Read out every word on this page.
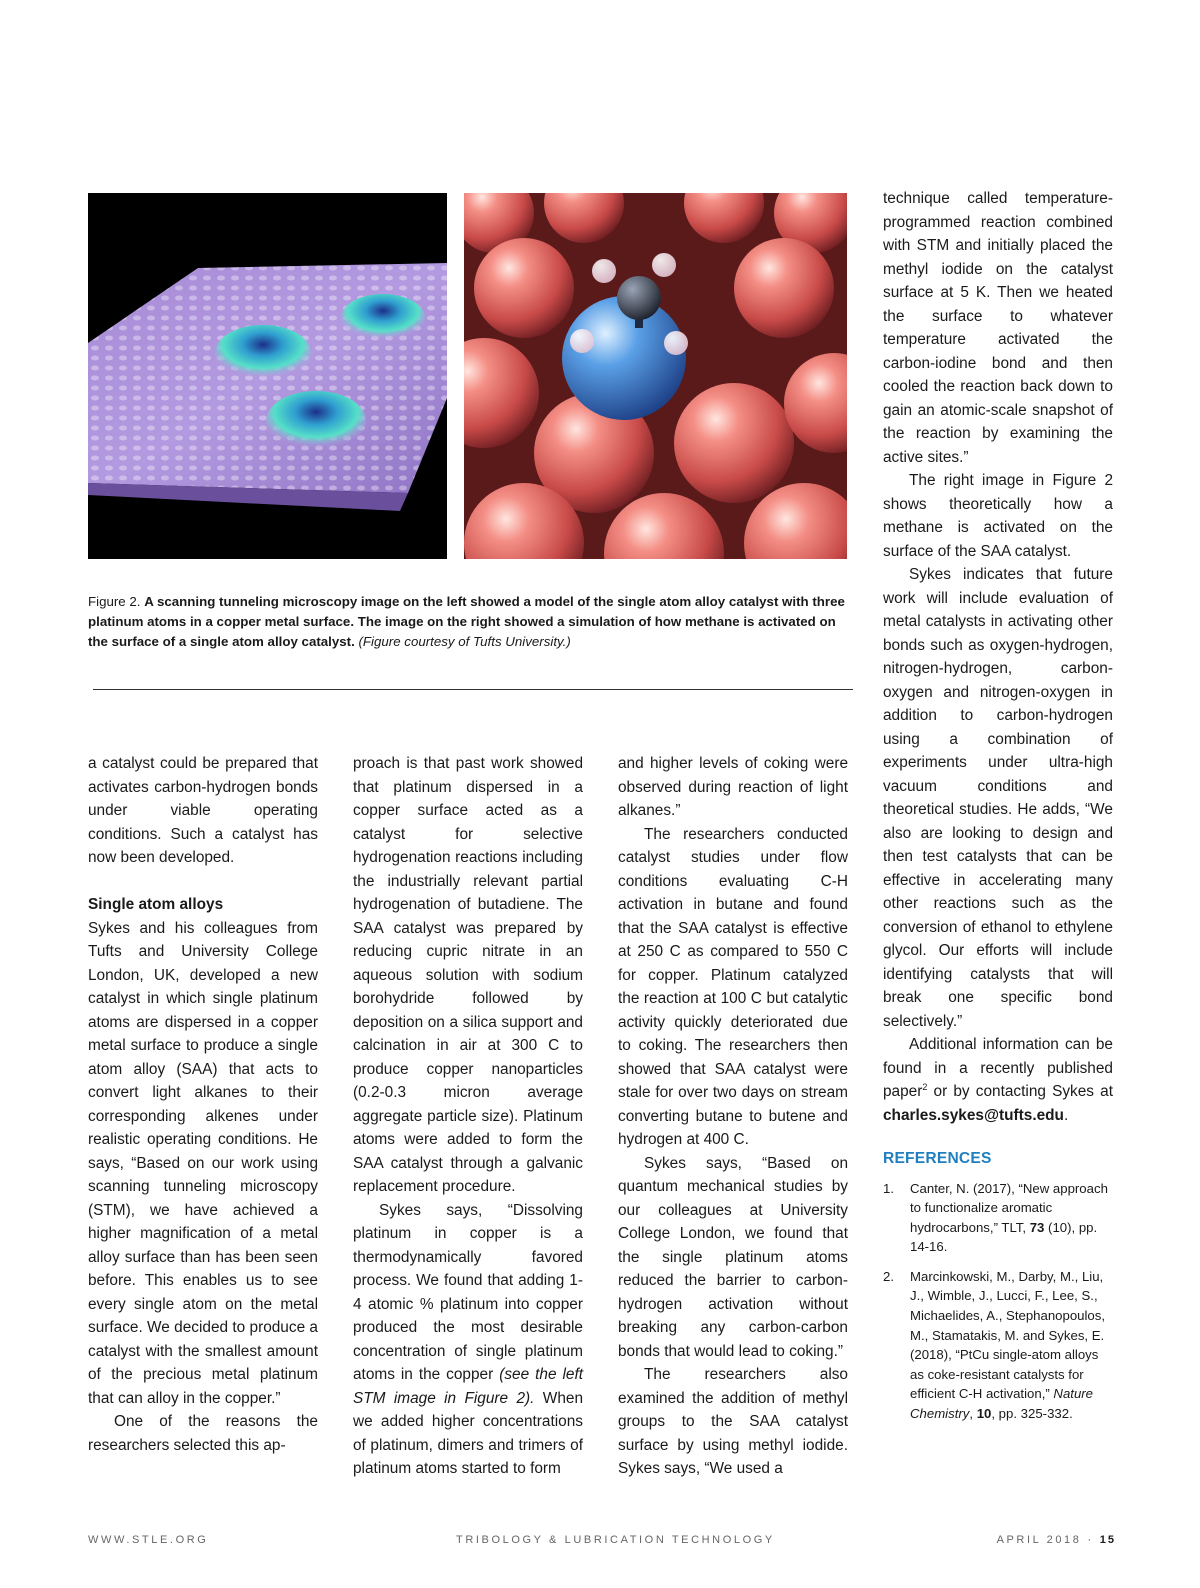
Figure 2. A scanning tunneling microscopy image on the left showed a model of the single atom alloy catalyst with three platinum atoms in a copper metal surface. The image on the right showed a simulation of how methane is activated on the surface of a single atom alloy catalyst. (Figure courtesy of Tufts University.)

a catalyst could be prepared that activates carbon-hydrogen bonds under viable operating conditions. Such a catalyst has now been developed.

Single atom alloys

Sykes and his colleagues from Tufts and University College London, UK, developed a new catalyst in which single platinum atoms are dispersed in a copper metal surface to produce a single atom alloy (SAA) that acts to convert light alkanes to their corresponding alkenes under realistic operating conditions. He says, “Based on our work using scanning tunneling microscopy (STM), we have achieved a higher magnification of a metal alloy surface than has been seen before. This enables us to see every single atom on the metal surface. We decided to produce a catalyst with the smallest amount of the precious metal platinum that can alloy in the copper.”

One of the reasons the researchers selected this ap-

proach is that past work showed that platinum dispersed in a copper surface acted as a catalyst for selective hydrogenation reactions including the industrially relevant partial hydrogenation of butadiene. The SAA catalyst was prepared by reducing cupric nitrate in an aqueous solution with sodium borohydride followed by deposition on a silica support and calcination in air at 300 C to produce copper nanoparticles (0.2-0.3 micron average aggregate particle size). Platinum atoms were added to form the SAA catalyst through a galvanic replacement procedure.

Sykes says, “Dissolving platinum in copper is a thermodynamically favored process. We found that adding 1-4 atomic % platinum into copper produced the most desirable concentration of single platinum atoms in the copper (see the left STM image in Figure 2). When we added higher concentrations of platinum, dimers and trimers of platinum atoms started to form

and higher levels of coking were observed during reaction of light alkanes.”

The researchers conducted catalyst studies under flow conditions evaluating C-H activation in butane and found that the SAA catalyst is effective at 250 C as compared to 550 C for copper. Platinum catalyzed the reaction at 100 C but catalytic activity quickly deteriorated due to coking. The researchers then showed that SAA catalyst were stale for over two days on stream converting butane to butene and hydrogen at 400 C.

Sykes says, “Based on quantum mechanical studies by our colleagues at University College London, we found that the single platinum atoms reduced the barrier to carbon-hydrogen activation without breaking any carbon-carbon bonds that would lead to coking.”

The researchers also examined the addition of methyl groups to the SAA catalyst surface by using methyl iodide. Sykes says, “We used a

technique called temperature-programmed reaction combined with STM and initially placed the methyl iodide on the catalyst surface at 5 K. Then we heated the surface to whatever temperature activated the carbon-iodine bond and then cooled the reaction back down to gain an atomic-scale snapshot of the reaction by examining the active sites.”

The right image in Figure 2 shows theoretically how a methane is activated on the surface of the SAA catalyst.

Sykes indicates that future work will include evaluation of metal catalysts in activating other bonds such as oxygen-hydrogen, nitrogen-hydrogen, carbon-oxygen and nitrogen-oxygen in addition to carbon-hydrogen using a combination of experiments under ultra-high vacuum conditions and theoretical studies. He adds, “We also are looking to design and then test catalysts that can be effective in accelerating many other reactions such as the conversion of ethanol to ethylene glycol. Our efforts will include identifying catalysts that will break one specific bond selectively.”

Additional information can be found in a recently published paper$^2$ or by contacting Sykes at charles.sykes@tufts.edu.

REFERENCES
1. Canter, N. (2017), “New approach to functionalize aromatic hydrocarbons,” TLT, 73 (10), pp. 14-16.
2. Marcinkowski, M., Darby, M., Liu, J., Wimble, J., Lucci, F., Lee, S., Michaelides, A., Stephanopoulos, M., Stamatakis, M. and Sykes, E. (2018), “PtCu single-atom alloys as coke-resistant catalysts for efficient C-H activation,” Nature Chemistry, 10, pp. 325-332.
WWW.STLE.ORG	TRIBOLOGY & LUBRICATION TECHNOLOGY	APRIL 2018 · 15
